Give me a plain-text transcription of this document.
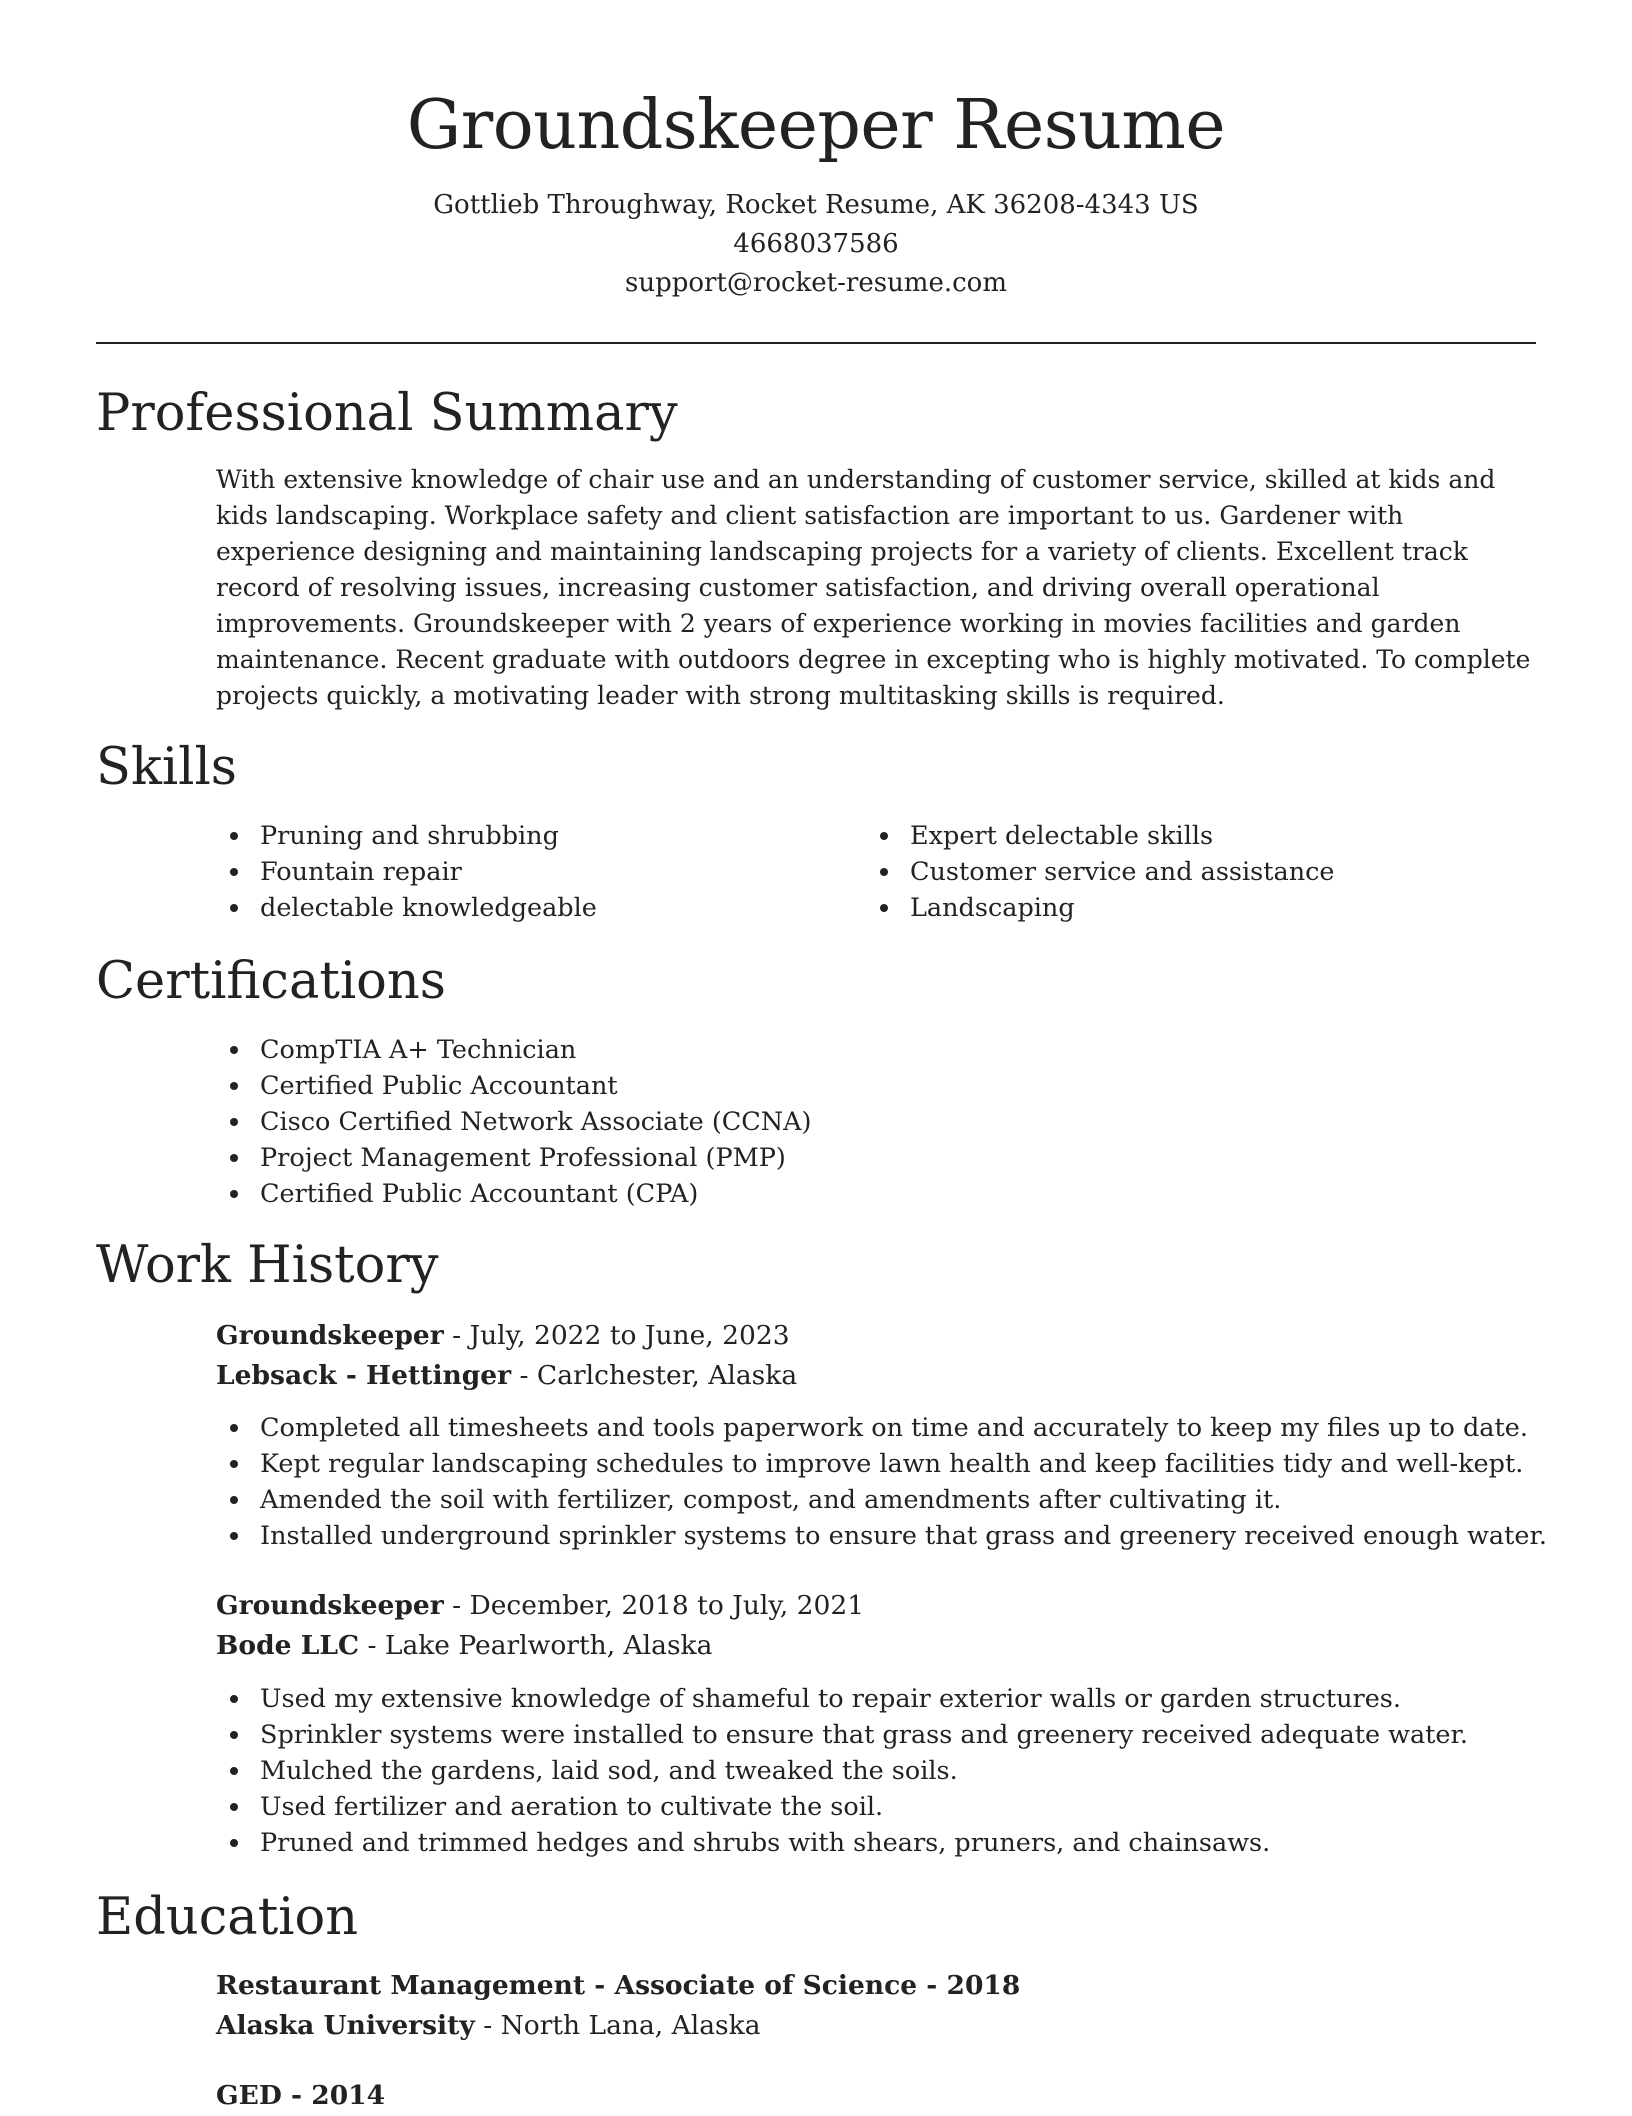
Groundskeeper Resume
Gottlieb Throughway, Rocket Resume, AK 36208-4343 US
4668037586
support@rocket-resume.com
Professional Summary

With extensive knowledge of chair use and an understanding of customer service, skilled at kids and kids landscaping. Workplace safety and client satisfaction are important to us. Gardener with experience designing and maintaining landscaping projects for a variety of clients. Excellent track record of resolving issues, increasing customer satisfaction, and driving overall operational improvements. Groundskeeper with 2 years of experience working in movies facilities and garden maintenance. Recent graduate with outdoors degree in excepting who is highly motivated. To complete projects quickly, a motivating leader with strong multitasking skills is required.

Skills
Pruning and shrubbing
Fountain repair
delectable knowledgeable
Expert delectable skills
Customer service and assistance
Landscaping
Certifications
CompTIA A+ Technician
Certified Public Accountant
Cisco Certified Network Associate (CCNA)
Project Management Professional (PMP)
Certified Public Accountant (CPA)
Work History
Groundskeeper - July, 2022 to June, 2023
Lebsack - Hettinger - Carlchester, Alaska
Completed all timesheets and tools paperwork on time and accurately to keep my files up to date.
Kept regular landscaping schedules to improve lawn health and keep facilities tidy and well-kept.
Amended the soil with fertilizer, compost, and amendments after cultivating it.
Installed underground sprinkler systems to ensure that grass and greenery received enough water.
Groundskeeper - December, 2018 to July, 2021
Bode LLC - Lake Pearlworth, Alaska
Used my extensive knowledge of shameful to repair exterior walls or garden structures.
Sprinkler systems were installed to ensure that grass and greenery received adequate water.
Mulched the gardens, laid sod, and tweaked the soils.
Used fertilizer and aeration to cultivate the soil.
Pruned and trimmed hedges and shrubs with shears, pruners, and chainsaws.
Education
Restaurant Management - Associate of Science - 2018
Alaska University - North Lana, Alaska
GED - 2014
